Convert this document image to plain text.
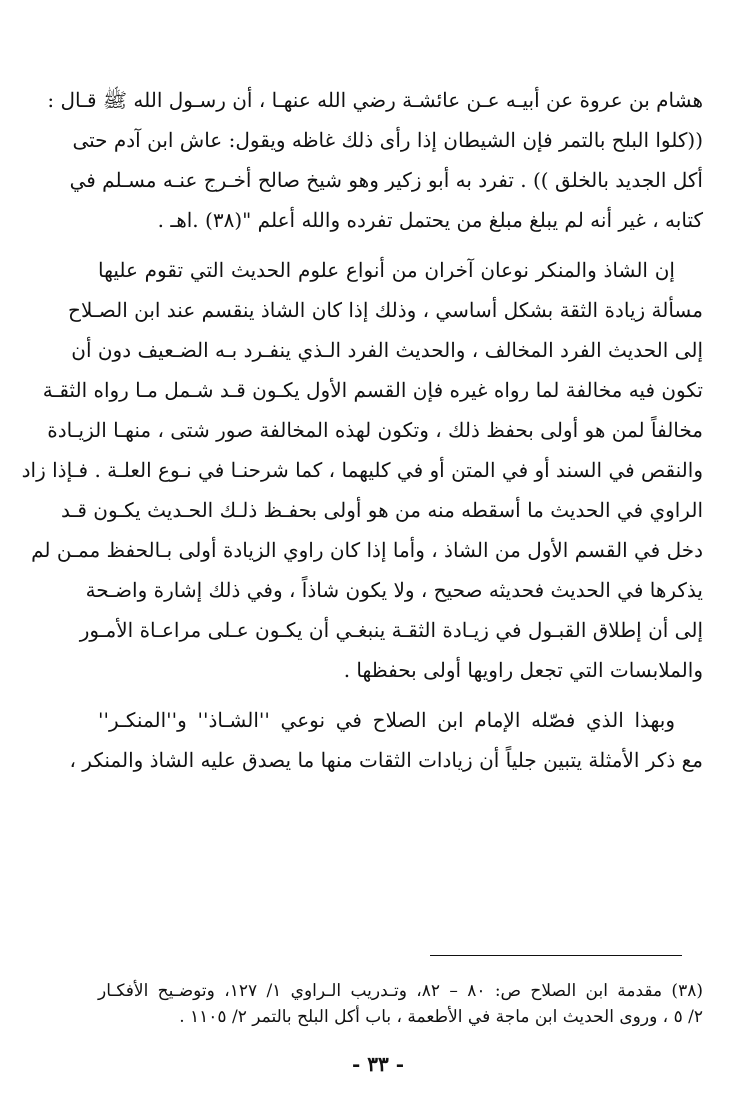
هشام بن عروة عن أبيـه عـن عائشـة رضي الله عنهـا ، أن رسـول الله ﷺ قـال :
((كلوا البلح بالتمر فإن الشيطان إذا رأى ذلك غاظه ويقول: عاش ابن آدم حتى
أكل الجديد بالخلق )) . تفرد به أبو زكير وهو شيخ صالح أخـرج عنـه مسـلم في
كتابه ، غير أنه لم يبلغ مبلغ من يحتمل تفرده والله أعلم "(٣٨) .اهـ .
إن الشاذ والمنكر نوعان آخران من أنواع علوم الحديث التي تقوم عليها
مسألة زيادة الثقة بشكل أساسي ، وذلك إذا كان الشاذ ينقسم عند ابن الصـلاح
إلى الحديث الفرد المخالف ، والحديث الفرد الـذي ينفـرد بـه الضـعيف دون أن
تكون فيه مخالفة لما رواه غيره فإن القسم الأول يكـون قـد شـمل مـا رواه الثقـة
مخالفاً لمن هو أولى بحفظ ذلك ، وتكون لهذه المخالفة صور شتى ، منهـا الزيـادة
والنقص في السند أو في المتن أو في كليهما ، كما شرحنـا في نـوع العلـة . فـإذا زاد
الراوي في الحديث ما أسقطه منه من هو أولى بحفـظ ذلـك الحـديث يكـون قـد
دخل في القسم الأول من الشاذ ، وأما إذا كان راوي الزيادة أولى بـالحفظ ممـن لم
يذكرها في الحديث فحديثه صحيح ، ولا يكون شاذاً ، وفي ذلك إشارة واضـحة
إلى أن إطلاق القبـول في زيـادة الثقـة ينبغـي أن يكـون عـلى مراعـاة الأمـور
والملابسات التي تجعل راويها أولى بحفظها .
وبهذا الذي فصّله الإمام ابن الصلاح في نوعي ''الشـاذ'' و''المنكـر''
مع ذكر الأمثلة يتبين جلياً أن زيادات الثقات منها ما يصدق عليه الشاذ والمنكر ،
(٣٨) مقدمة ابن الصلاح ص: ٨٠ – ٨٢، وتـدريب الـراوي ١/ ١٢٧، وتوضـيح الأفكـار
٢/ ٥ ، وروى الحديث ابن ماجة في الأطعمة ، باب أكل البلح بالتمر ٢/ ١١٠٥ .
- ٣٣ -
